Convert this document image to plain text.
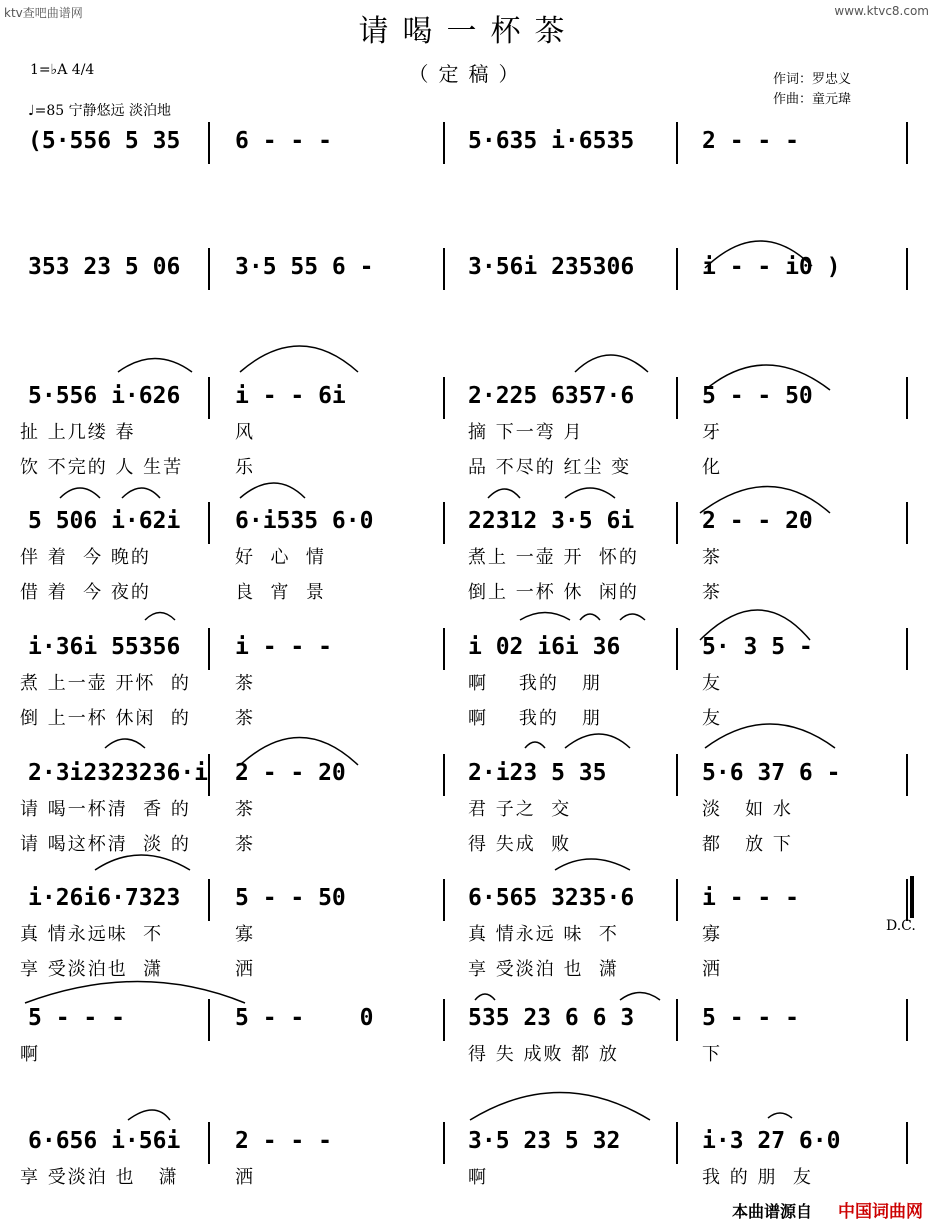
ktv查吧曲谱网	www.ktvc8.com
请喝一杯茶
（定稿）	作词：罗忠义
作曲：童元瑋
1=♭A 4/4
♩=85 宁静悠远 淡泊地
(5·556 5 35 6 - - -	5·635 i·6535	2 - - -
353 23 5 06 3·5 55 6 -	3·56i 235306	i - - i0 )
5·556 i·626 i - - 6i	2·225 6357·6	5 - - 50
扯 上几缕 春	风	摘 下一弯 月	牙
饮 不完的 人 生苦	乐	品 不尽的 红尘 变	化
5 506 i·62i 6·i535 6·0	22312 3·5 6i	2 - - 20
伴 着  今 晚的	好  心  情	煮上 一壶 开  怀的	茶
借 着  今 夜的	良  宵  景	倒上 一杯 休  闲的	茶
i·36i 55356 i - - -	i 02 i6i 36	5· 3 5 -
煮 上一壶 开怀  的 茶	啊    我的   朋	友
倒 上一杯 休闲  的 茶	啊    我的   朋	友
2·3i2323236·i 2 - - 20	2·i23 5 35	5·6 37 6 -
请 喝一杯清  香 的 茶	君 子之  交	淡   如 水
请 喝这杯清  淡 的 茶	得 失成  败	都   放 下
i·26i6·7323 5 - - 50	6·565 3235·6	i - - -
真 情永远味  不	寡	真 情永远 味  不	寡
享 受淡泊也  潇	洒	享 受淡泊 也  潇	洒
5 - - -	5 - -    0	535 23 6 6 3	5 - - -
啊	得 失 成败 都 放	下
6·656 i·56i 2 - - -	3·5 23 5 32	i·3 27 6·0
享 受淡泊 也   潇	洒	啊	我 的 朋  友
D.C.
本曲谱源自 中国词曲网
